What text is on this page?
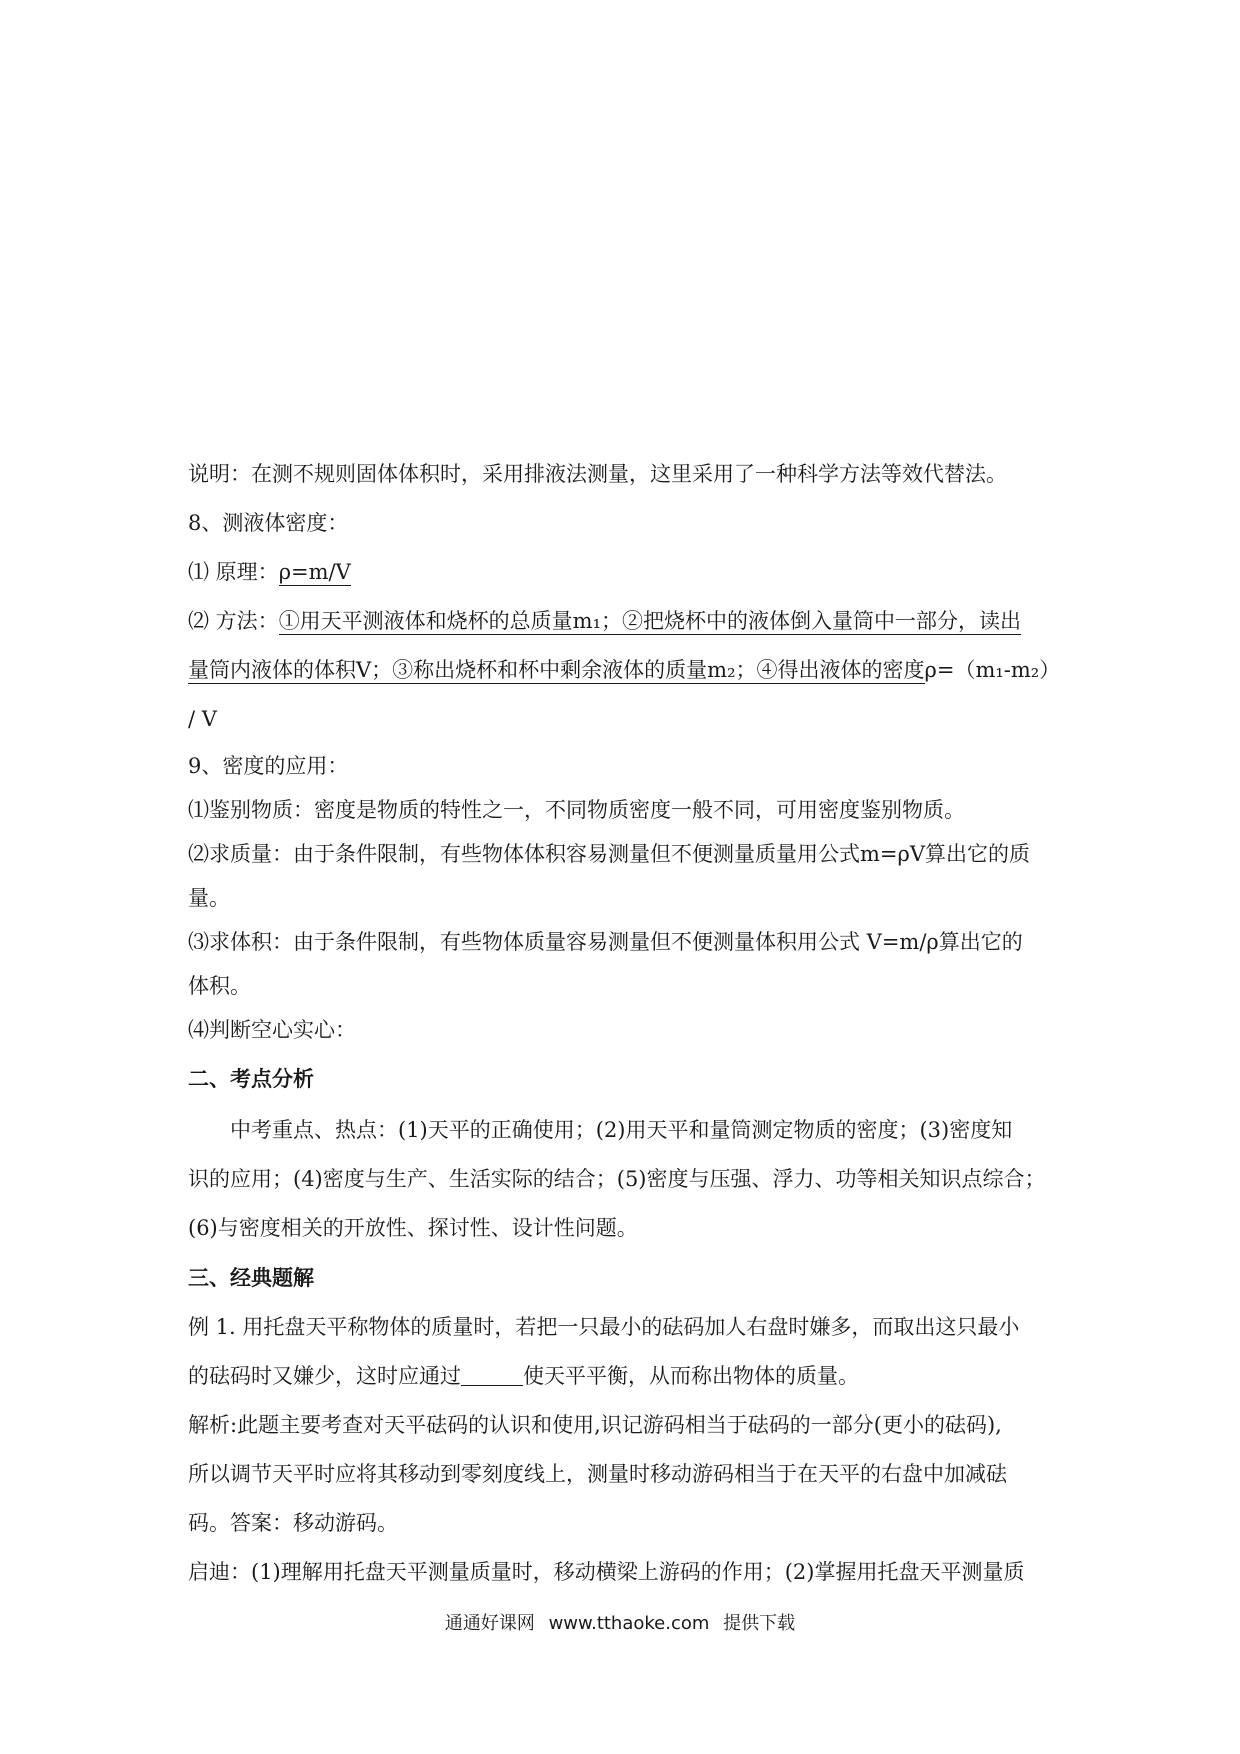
说明：在测不规则固体体积时，采用排液法测量，这里采用了一种科学方法等效代替法。
8、测液体密度：
⑴ 原理：ρ=m/V
⑵ 方法：①用天平测液体和烧杯的总质量m₁；②把烧杯中的液体倒入量筒中一部分，读出
量筒内液体的体积V；③称出烧杯和杯中剩余液体的质量m₂；④得出液体的密度ρ=（m₁-m₂）
/ V
9、密度的应用：
⑴鉴别物质：密度是物质的特性之一，不同物质密度一般不同，可用密度鉴别物质。
⑵求质量：由于条件限制，有些物体体积容易测量但不便测量质量用公式m=ρV算出它的质
量。
⑶求体积：由于条件限制，有些物体质量容易测量但不便测量体积用公式 V=m/ρ算出它的
体积。
⑷判断空心实心：
二、考点分析
中考重点、热点：(1)天平的正确使用；(2)用天平和量筒测定物质的密度；(3)密度知
识的应用；(4)密度与生产、生活实际的结合；(5)密度与压强、浮力、功等相关知识点综合；
(6)与密度相关的开放性、探讨性、设计性问题。
三、经典题解
例 1. 用托盘天平称物体的质量时，若把一只最小的砝码加人右盘时嫌多，而取出这只最小
的砝码时又嫌少，这时应通过	使天平平衡，从而称出物体的质量。
解析:此题主要考查对天平砝码的认识和使用,识记游码相当于砝码的一部分(更小的砝码),
所以调节天平时应将其移动到零刻度线上，测量时移动游码相当于在天平的右盘中加减砝
码。答案：移动游码。
启迪：(1)理解用托盘天平测量质量时，移动横梁上游码的作用；(2)掌握用托盘天平测量质
通通好课网 www.tthaoke.com 提供下载
